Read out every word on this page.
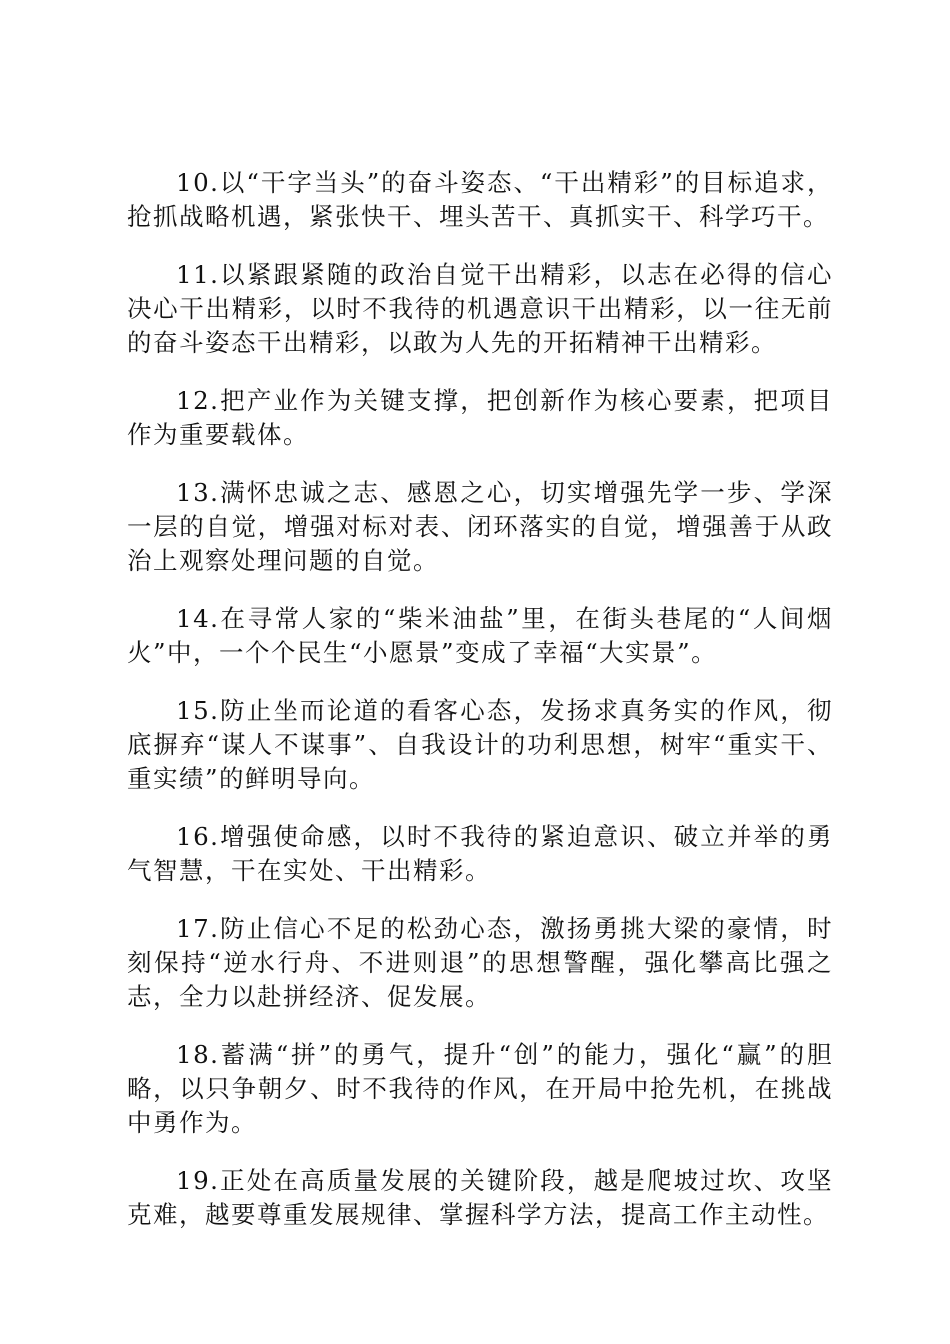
10.以“干字当头”的奋斗姿态、“干出精彩”的目标追求，抢抓战略机遇，紧张快干、埋头苦干、真抓实干、科学巧干。

11.以紧跟紧随的政治自觉干出精彩，以志在必得的信心决心干出精彩，以时不我待的机遇意识干出精彩，以一往无前的奋斗姿态干出精彩，以敢为人先的开拓精神干出精彩。

12.把产业作为关键支撑，把创新作为核心要素，把项目作为重要载体。

13.满怀忠诚之志、感恩之心，切实增强先学一步、学深一层的自觉，增强对标对表、闭环落实的自觉，增强善于从政治上观察处理问题的自觉。

14.在寻常人家的“柴米油盐”里，在街头巷尾的“人间烟火”中，一个个民生“小愿景”变成了幸福“大实景”。

15.防止坐而论道的看客心态，发扬求真务实的作风，彻底摒弃“谋人不谋事”、自我设计的功利思想，树牢“重实干、重实绩”的鲜明导向。

16.增强使命感，以时不我待的紧迫意识、破立并举的勇气智慧，干在实处、干出精彩。

17.防止信心不足的松劲心态，激扬勇挑大梁的豪情，时刻保持“逆水行舟、不进则退”的思想警醒，强化攀高比强之志，全力以赴拼经济、促发展。

18.蓄满“拼”的勇气，提升“创”的能力，强化“赢”的胆略，以只争朝夕、时不我待的作风，在开局中抢先机，在挑战中勇作为。

19.正处在高质量发展的关键阶段，越是爬坡过坎、攻坚克难，越要尊重发展规律、掌握科学方法，提高工作主动性。
